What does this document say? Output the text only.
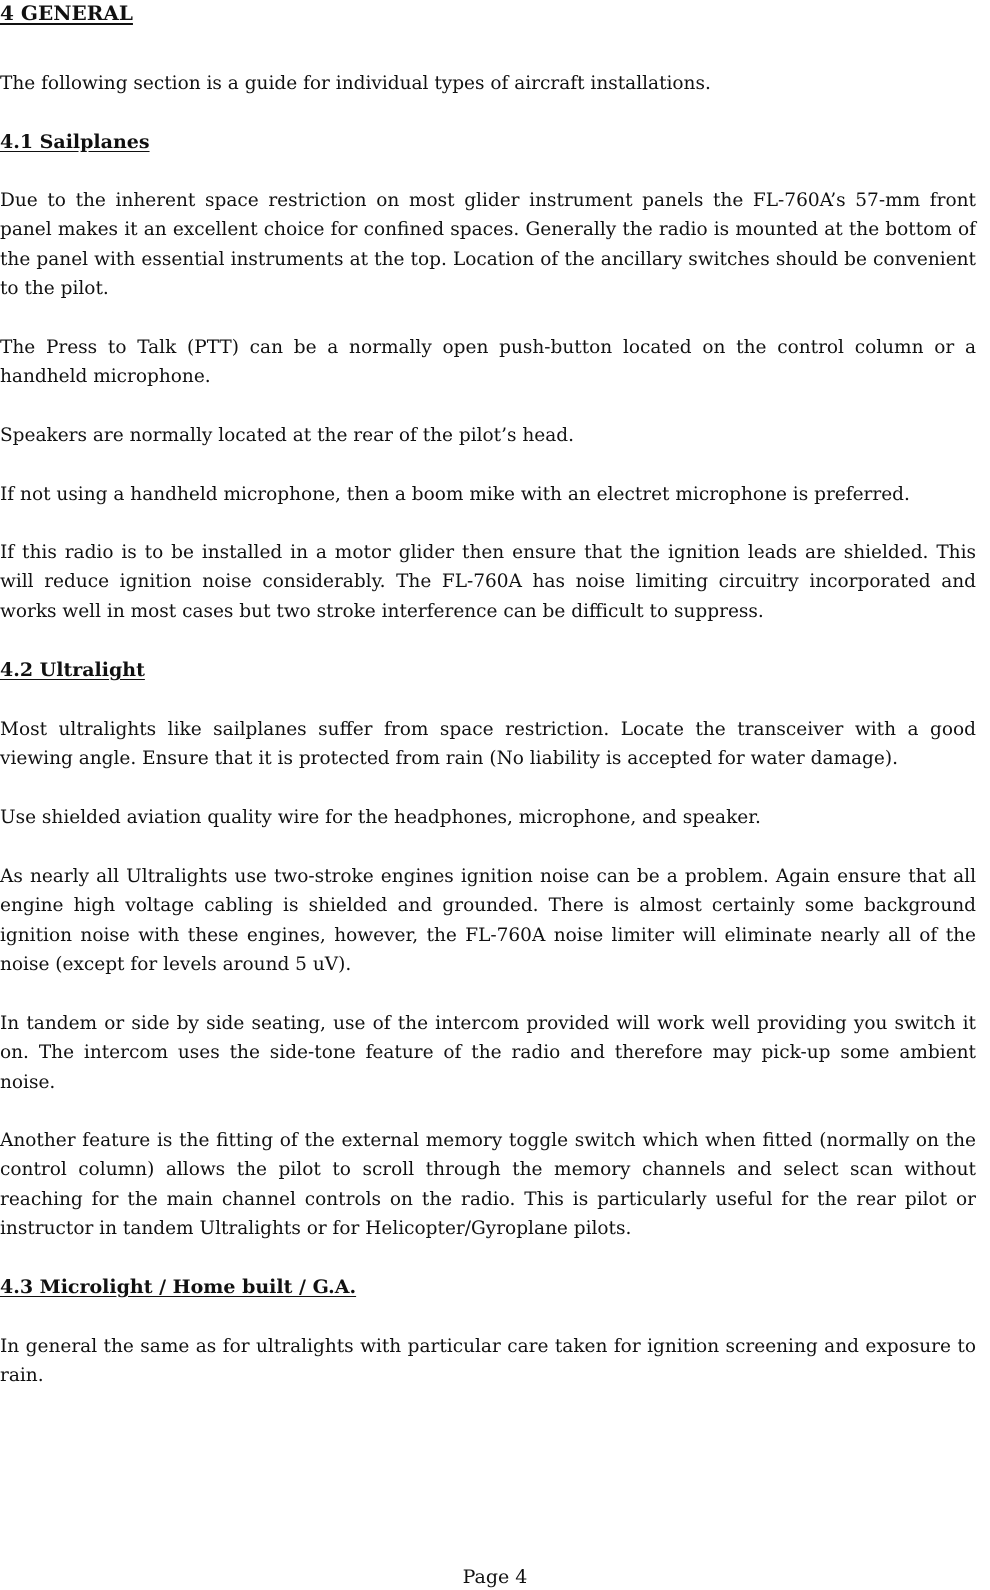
4 GENERAL

The following section is a guide for individual types of aircraft installations.

4.1 Sailplanes

Due to the inherent space restriction on most glider instrument panels the FL-760A’s 57-mm front panel makes it an excellent choice for confined spaces. Generally the radio is mounted at the bottom of the panel with essential instruments at the top. Location of the ancillary switches should be convenient to the pilot.

The Press to Talk (PTT) can be a normally open push-button located on the control column or a handheld microphone.

Speakers are normally located at the rear of the pilot’s head.

If not using a handheld microphone, then a boom mike with an electret microphone is preferred.

If this radio is to be installed in a motor glider then ensure that the ignition leads are shielded. This will reduce ignition noise considerably. The FL-760A has noise limiting circuitry incorporated and works well in most cases but two stroke interference can be difficult to suppress.

4.2 Ultralight

Most ultralights like sailplanes suffer from space restriction. Locate the transceiver with a good viewing angle. Ensure that it is protected from rain (No liability is accepted for water damage).

Use shielded aviation quality wire for the headphones, microphone, and speaker.

As nearly all Ultralights use two-stroke engines ignition noise can be a problem. Again ensure that all engine high voltage cabling is shielded and grounded. There is almost certainly some background ignition noise with these engines, however, the FL-760A noise limiter will eliminate nearly all of the noise (except for levels around 5 uV).

In tandem or side by side seating, use of the intercom provided will work well providing you switch it on. The intercom uses the side-tone feature of the radio and therefore may pick-up some ambient noise.

Another feature is the fitting of the external memory toggle switch which when fitted (normally on the control column) allows the pilot to scroll through the memory channels and select scan without reaching for the main channel controls on the radio. This is particularly useful for the rear pilot or instructor in tandem Ultralights or for Helicopter/Gyroplane pilots.

4.3 Microlight / Home built / G.A.

In general the same as for ultralights with particular care taken for ignition screening and exposure to rain.

Page 4
